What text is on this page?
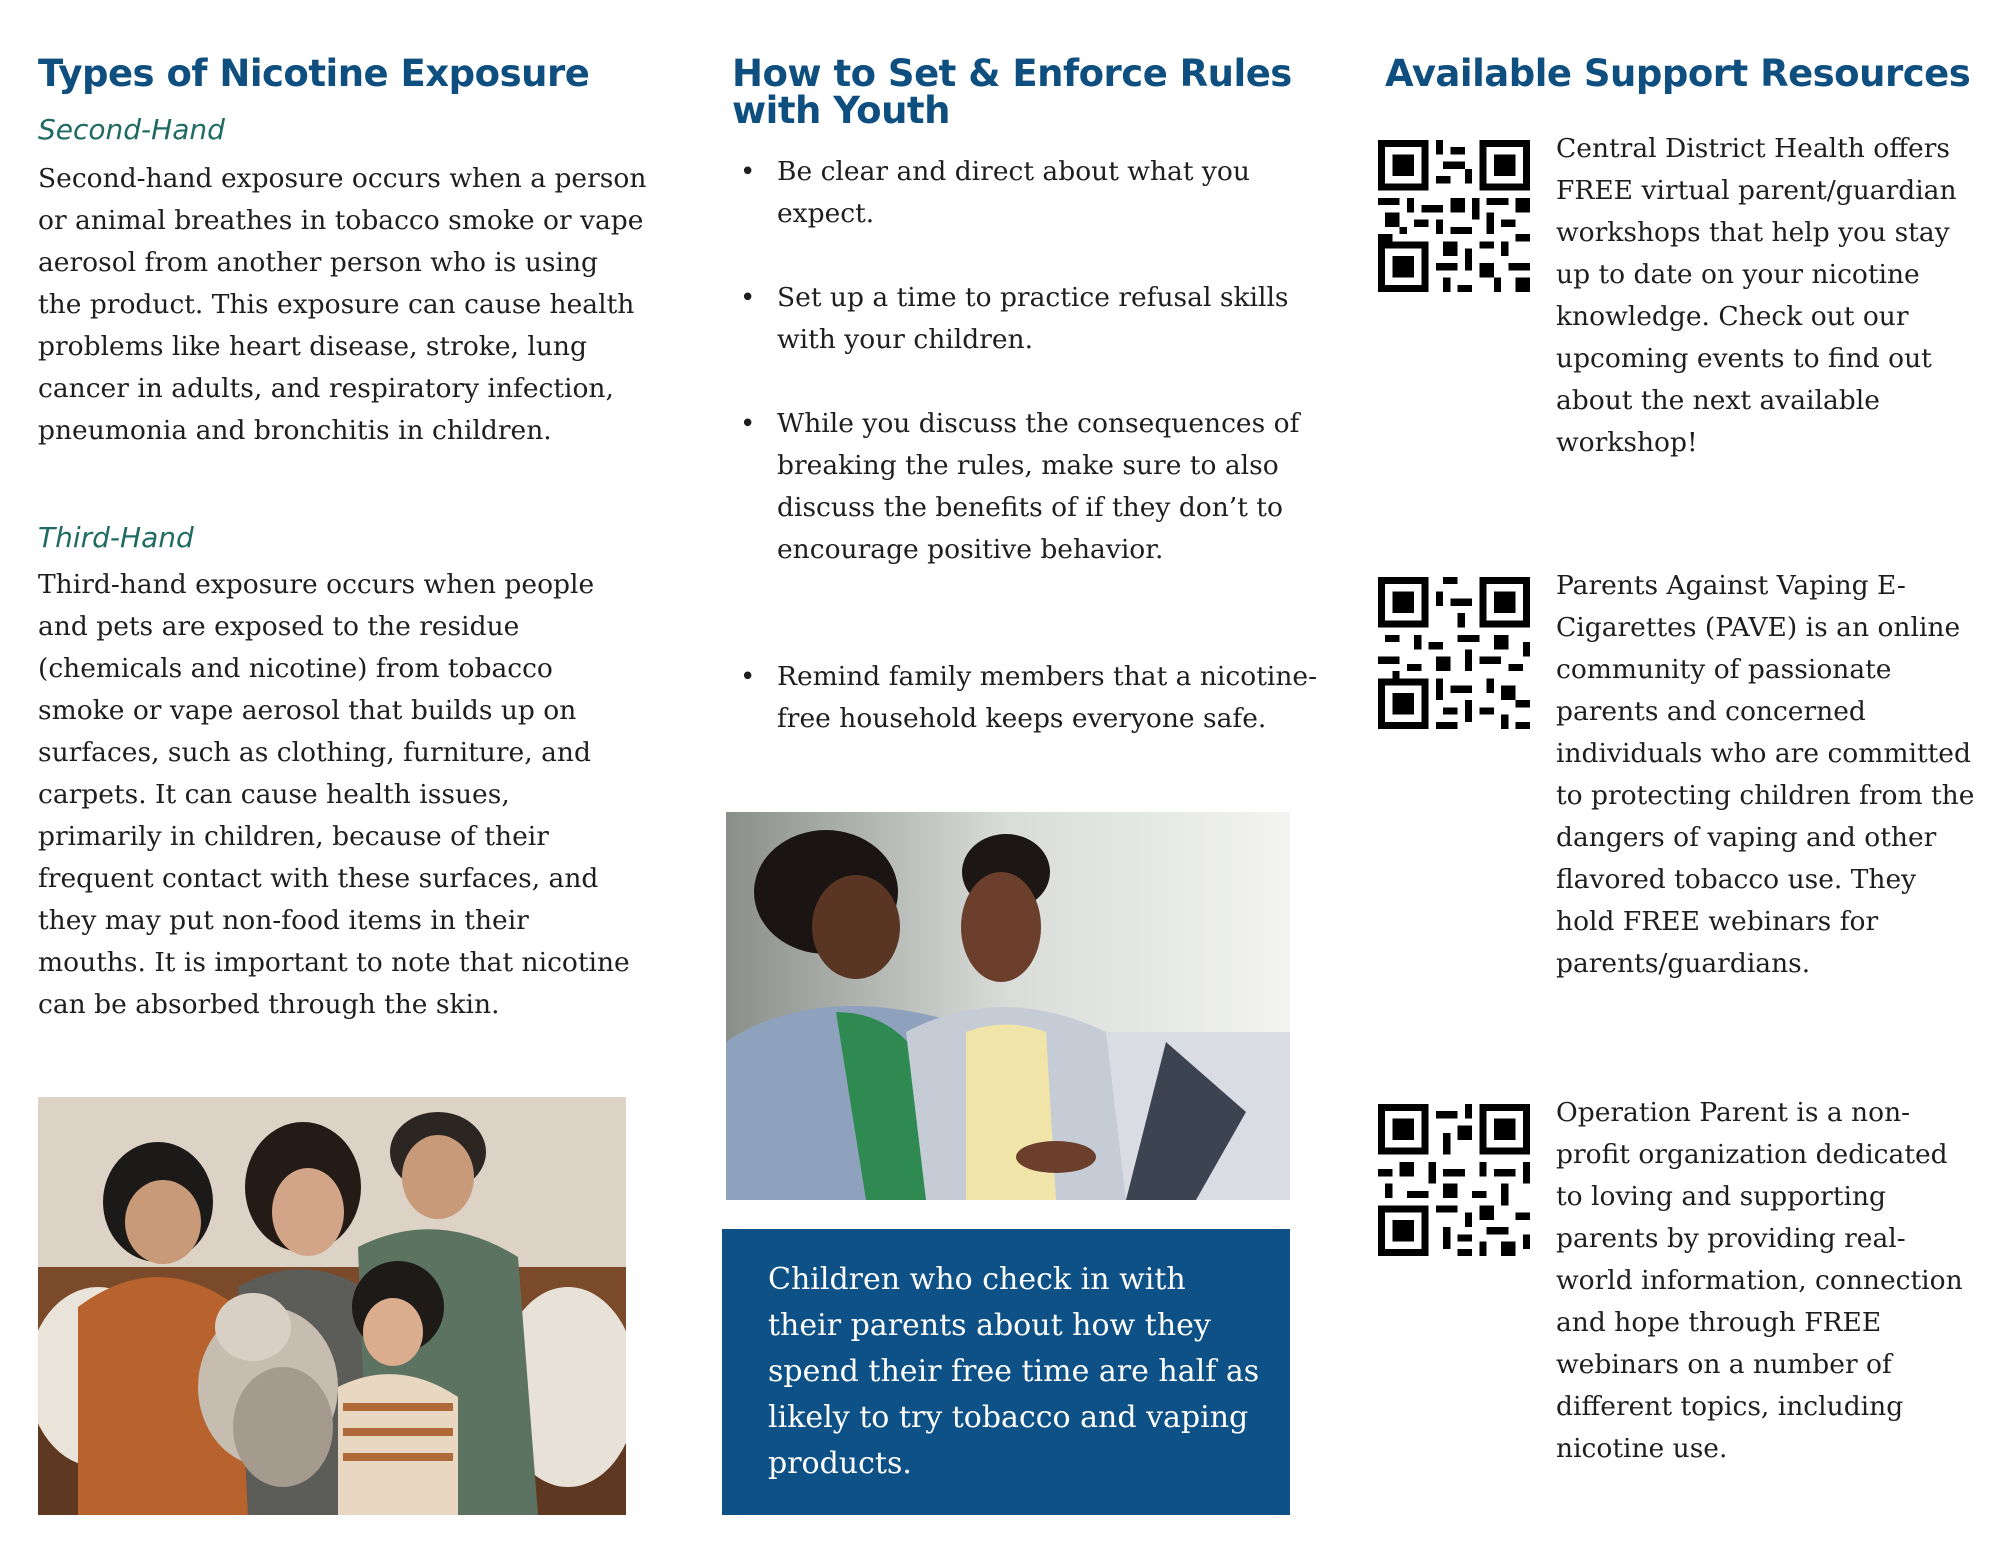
Types of Nicotine Exposure

Second-Hand

Second-hand exposure occurs when a person or animal breathes in tobacco smoke or vape aerosol from another person who is using the product. This exposure can cause health problems like heart disease, stroke, lung cancer in adults, and respiratory infection, pneumonia and bronchitis in children.

Third-Hand

Third-hand exposure occurs when people and pets are exposed to the residue (chemicals and nicotine) from tobacco smoke or vape aerosol that builds up on surfaces, such as clothing, furniture, and carpets. It can cause health issues, primarily in children, because of their frequent contact with these surfaces, and they may put non-food items in their mouths. It is important to note that nicotine can be absorbed through the skin.

How to Set & Enforce Rules
with Youth
• Be clear and direct about what you expect.
• Set up a time to practice refusal skills with your children.
• While you discuss the consequences of breaking the rules, make sure to also discuss the benefits of if they don’t to encourage positive behavior.
• Remind family members that a nicotine-free household keeps everyone safe.
Children who check in with their parents about how they spend their free time are half as likely to try tobacco and vaping products.
Available Support Resources
Central District Health offers FREE virtual parent/guardian workshops that help you stay up to date on your nicotine knowledge. Check out our upcoming events to find out about the next available workshop!
Parents Against Vaping E-Cigarettes (PAVE) is an online community of passionate parents and concerned individuals who are committed to protecting children from the dangers of vaping and other flavored tobacco use. They hold FREE webinars for parents/guardians.
Operation Parent is a non-profit organization dedicated to loving and supporting parents by providing real-world information, connection and hope through FREE webinars on a number of different topics, including nicotine use.
